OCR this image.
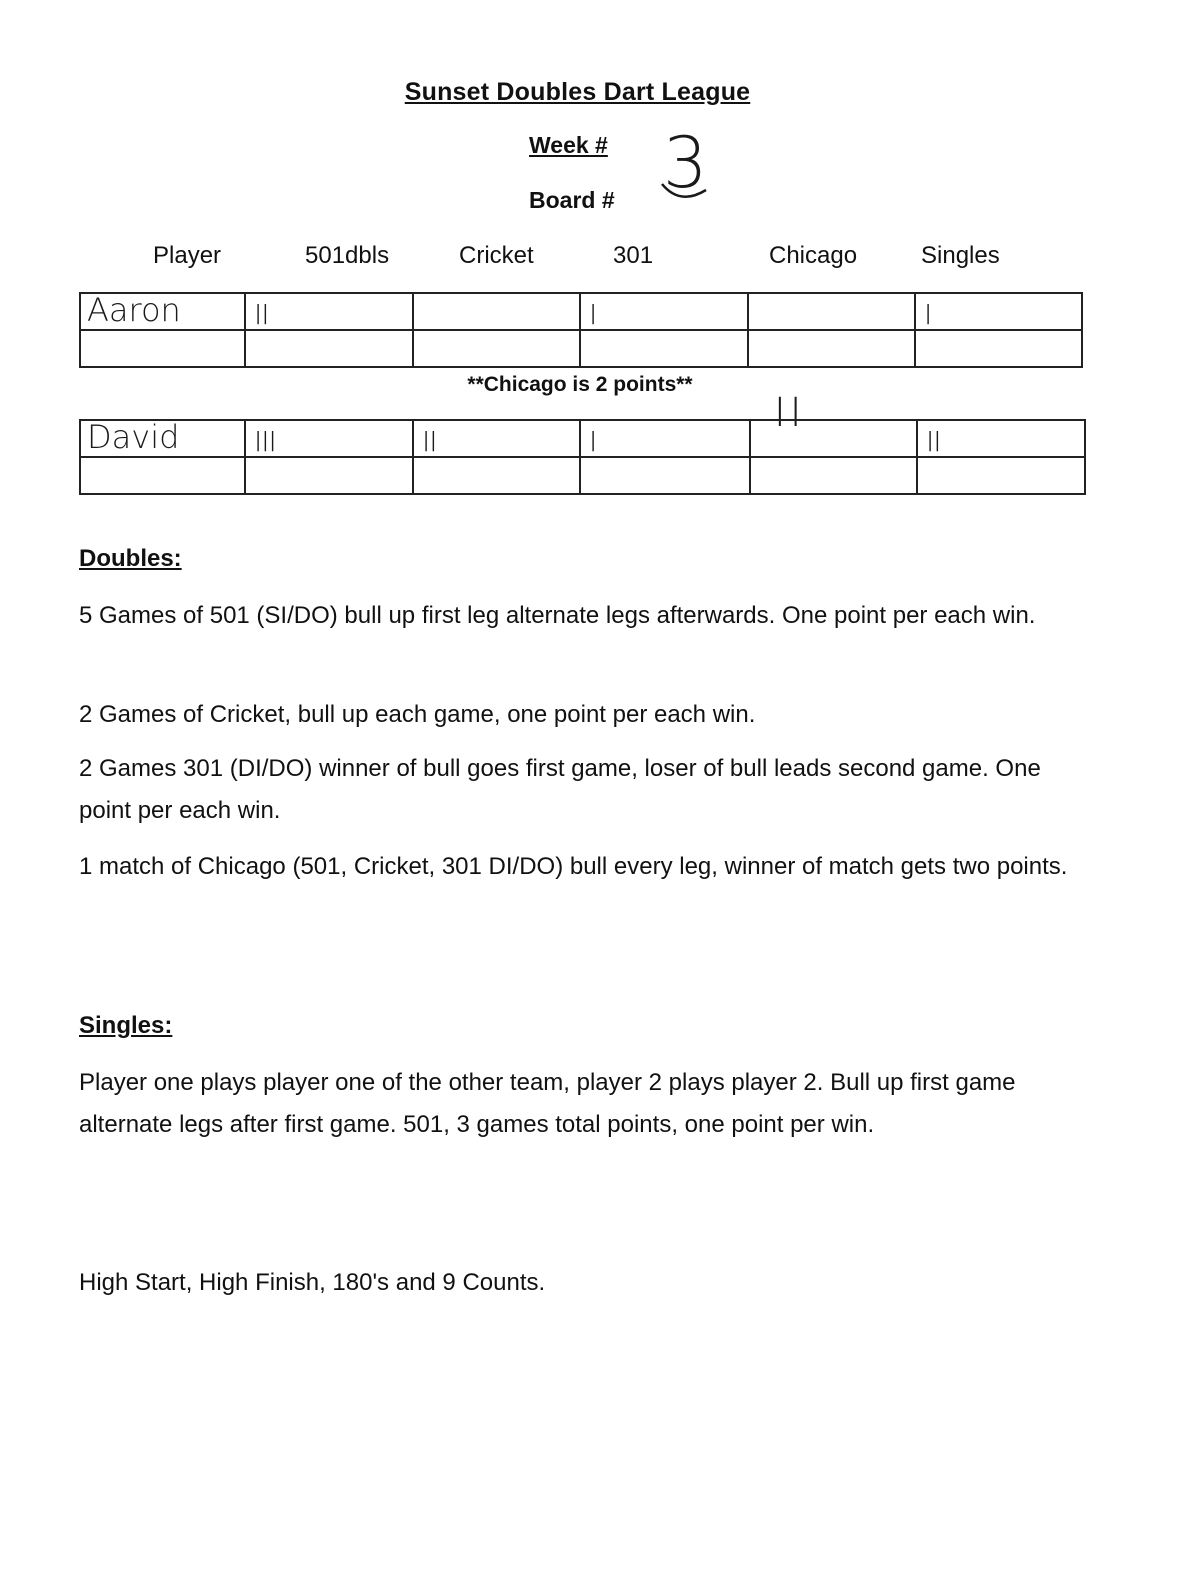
Sunset Doubles Dart League
Week # 3
Board #
Player	501dbls	Cricket	301	Chicago	Singles
Aaron	II		I		I

**Chicago is 2 points**
II
David	III	II	I		II

Doubles:
5 Games of 501 (SI/DO) bull up first leg alternate legs afterwards. One point per each win.
2 Games of Cricket, bull up each game, one point per each win.
2 Games 301 (DI/DO) winner of bull goes first game, loser of bull leads second game. One point per each win.
1 match of Chicago (501, Cricket, 301 DI/DO) bull every leg, winner of match gets two points.
Singles:
Player one plays player one of the other team, player 2 plays player 2. Bull up first game alternate legs after first game. 501, 3 games total points, one point per win.
High Start, High Finish, 180's and 9 Counts.
